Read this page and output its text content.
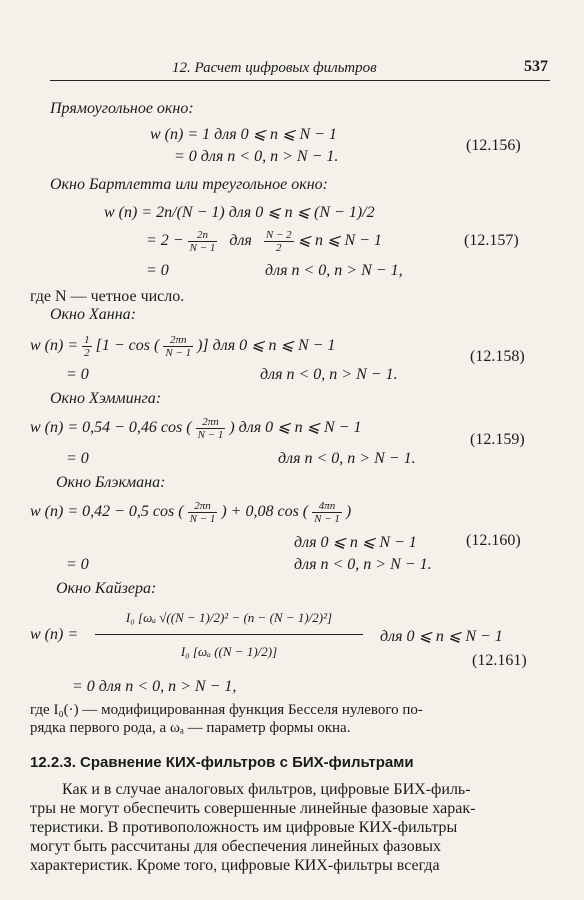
12. Расчет цифровых фильтров	537
Прямоугольное окно:
w (n) = 1 для 0 ⩽ n ⩽ N − 1
= 0 для n < 0, n > N − 1.
(12.156)
Окно Бартлетта или треугольное окно:
w (n) = 2n/(N − 1) для 0 ⩽ n ⩽ (N − 1)/2
= $2 - \frac{2n}{N - 1}$ для $\frac{N - 2}{2}$ ⩽ n ⩽ N − 1	(12.157)
= 0	для n < 0, n > N − 1,
где N — четное число.
Окно Ханна:
w $(n) = \frac{1}{2} [1 - \cos$ ( $\frac{2\pi n}{N - 1}$ )] для 0 ⩽ n ⩽ N − 1
= 0	для n < 0, n > N − 1.
(12.158)
Окно Хэмминга:
w (n) = 0,54 − 0,46 cos ( $\frac{2\pi n}{N - 1}$ ) для 0 ⩽ n ⩽ N − 1
= 0	для n < 0, n > N − 1.
(12.159)
Окно Блэкмана:
w (n) = 0,42 − 0,5 cos ( $\frac{2\pi n}{N - 1}$ ) + 0,08 cos ( $\frac{4\pi n}{N - 1}$ )
для 0 ⩽ n ⩽ N − 1	(12.160)
= 0	для n < 0, n > N − 1.
Окно Кайзера:
w (n) =
I₀ [ωₐ √((N − 1)/2)² − (n − (N − 1)/2)²]
I₀ [ωₐ ((N − 1)/2)]
для 0 ⩽ n ⩽ N − 1
(12.161)
= 0 для n < 0, n > N − 1,
где I₀(·) — модифицированная функция Бесселя нулевого по-
рядка первого рода, а ωₐ — параметр формы окна.
12.2.3. Сравнение КИХ-фильтров с БИХ-фильтрами
Как и в случае аналоговых фильтров, цифровые БИХ-филь-
тры не могут обеспечить совершенные линейные фазовые харак-
теристики. В противоположность им цифровые КИХ-фильтры
могут быть рассчитаны для обеспечения линейных фазовых
характеристик. Кроме того, цифровые КИХ-фильтры всегда
